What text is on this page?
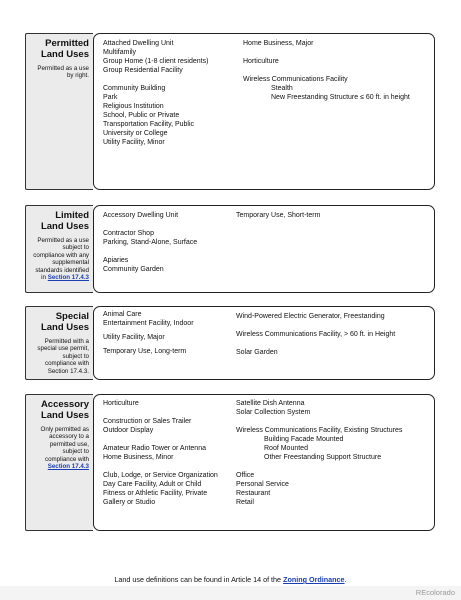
Permitted
Land Uses
Permitted as a use by right.
Attached Dwelling Unit
Multifamily
Group Home (1-8 client residents)
Group Residential Facility
Community Building
Park
Religious Institution
School, Public or Private
Transportation Facility, Public
University or College
Utility Facility, Minor
Home Business, Major
Horticulture
Wireless Communications Facility
Stealth
New Freestanding Structure ≤ 60 ft. in height
Limited
Land Uses
Permitted as a use subject to compliance with any supplemental standards identified in Section 17.4.3
Accessory Dwelling Unit
Contractor Shop
Parking, Stand-Alone, Surface
Apiaries
Community Garden
Temporary Use, Short-term
Special
Land Uses
Permitted with a special use permit, subject to compliance with Section 17.4.3.
Animal Care
Entertainment Facility, Indoor
Utility Facility, Major
Temporary Use, Long-term
Wind-Powered Electric Generator, Freestanding
Wireless Communications Facility, > 60 ft. in Height
Solar Garden
Accessory
Land Uses
Only permitted as accessory to a permitted use, subject to compliance with Section 17.4.3
Horticulture
Construction or Sales Trailer
Outdoor Display
Amateur Radio Tower or Antenna
Home Business, Minor
Club, Lodge, or Service Organization
Day Care Facility, Adult or Child
Fitness or Athletic Facility, Private
Gallery or Studio
Satellite Dish Antenna
Solar Collection System
Wireless Communications Facility, Existing Structures
Building Facade Mounted
Roof Mounted
Other Freestanding Support Structure
Office
Personal Service
Restaurant
Retail
Land use definitions can be found in Article 14 of the Zoning Ordinance.
REcolorado
